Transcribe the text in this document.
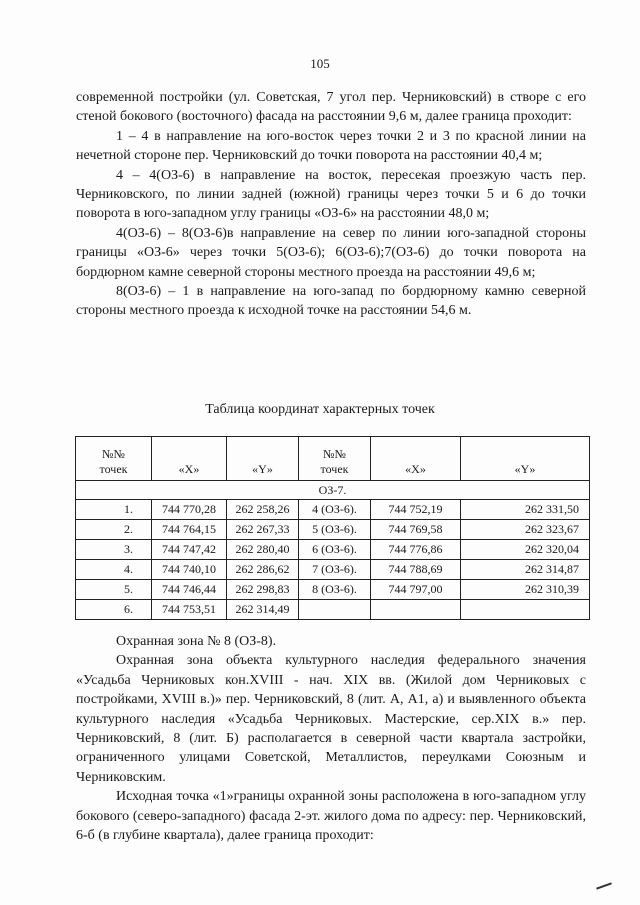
105

современной постройки (ул. Советская, 7 угол пер. Черниковский) в створе с его стеной бокового (восточного) фасада на расстоянии 9,6 м, далее граница проходит:

1 – 4 в направление на юго-восток через точки 2 и 3 по красной линии на нечетной стороне пер. Черниковский до точки поворота на расстоянии 40,4 м;

4 – 4(ОЗ-6) в направление на восток, пересекая проезжую часть пер. Черниковского, по линии задней (южной) границы через точки 5 и 6 до точки поворота в юго-западном углу границы «ОЗ-6» на расстоянии 48,0 м;

4(ОЗ-6) – 8(ОЗ-6)в направление на север по линии юго-западной стороны границы «ОЗ-6» через точки 5(ОЗ-6); 6(ОЗ-6);7(ОЗ-6) до точки поворота на бордюрном камне северной стороны местного проезда на расстоянии 49,6 м;

8(ОЗ-6) – 1 в направление на юго-запад по бордюрному камню северной стороны местного проезда к исходной точке на расстоянии 54,6 м.

Таблица координат характерных точек
№№
точек	«X»	«Y»	№№
точек	«X»	«Y»
ОЗ-7.					
1.	744 770,28	262 258,26	4 (ОЗ-6).	744 752,19	262 331,50
2.	744 764,15	262 267,33	5 (ОЗ-6).	744 769,58	262 323,67
3.	744 747,42	262 280,40	6 (ОЗ-6).	744 776,86	262 320,04
4.	744 740,10	262 286,62	7 (ОЗ-6).	744 788,69	262 314,87
5.	744 746,44	262 298,83	8 (ОЗ-6).	744 797,00	262 310,39
6.	744 753,51	262 314,49			

Охранная зона № 8 (ОЗ-8).

Охранная зона объекта культурного наследия федерального значения «Усадьба Черниковых кон.XVIII - нач. XIX вв. (Жилой дом Черниковых с постройками, XVIII в.)» пер. Черниковский, 8 (лит. А, А1, а) и выявленного объекта культурного наследия «Усадьба Черниковых. Мастерские, сер.XIX в.» пер. Черниковский, 8 (лит. Б) располагается в северной части квартала застройки, ограниченного улицами Советской, Металлистов, переулками Союзным и Черниковским.

Исходная точка «1»границы охранной зоны расположена в юго-западном углу бокового (северо-западного) фасада 2-эт. жилого дома по адресу: пер. Черниковский, 6-б (в глубине квартала), далее граница проходит:
